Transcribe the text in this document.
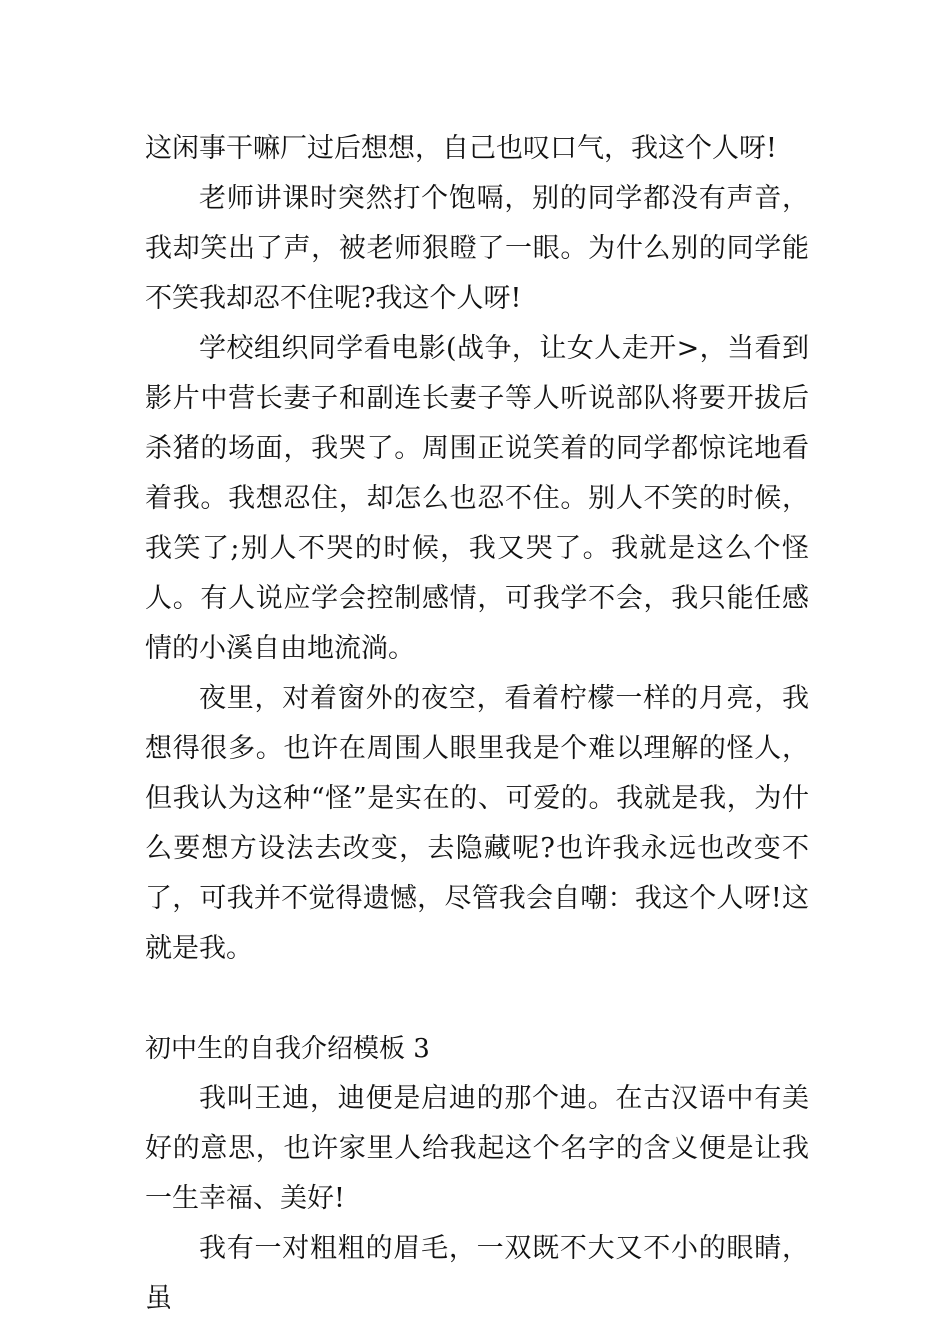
这闲事干嘛厂过后想想，自己也叹口气，我这个人呀!

老师讲课时突然打个饱嗝，别的同学都没有声音，我却笑出了声，被老师狠瞪了一眼。为什么别的同学能不笑我却忍不住呢?我这个人呀!

学校组织同学看电影(战争，让女人走开>，当看到影片中营长妻子和副连长妻子等人听说部队将要开拔后杀猪的场面，我哭了。周围正说笑着的同学都惊诧地看着我。我想忍住，却怎么也忍不住。别人不笑的时候，我笑了;别人不哭的时候，我又哭了。我就是这么个怪人。有人说应学会控制感情，可我学不会，我只能任感情的小溪自由地流淌。

夜里，对着窗外的夜空，看着柠檬一样的月亮，我想得很多。也许在周围人眼里我是个难以理解的怪人，但我认为这种“怪”是实在的、可爱的。我就是我，为什么要想方设法去改变，去隐藏呢?也许我永远也改变不了，可我并不觉得遗憾，尽管我会自嘲：我这个人呀!这就是我。

初中生的自我介绍模板 3

我叫王迪，迪便是启迪的那个迪。在古汉语中有美好的意思，也许家里人给我起这个名字的含义便是让我一生幸福、美好!

我有一对粗粗的眉毛，一双既不大又不小的眼睛，虽
